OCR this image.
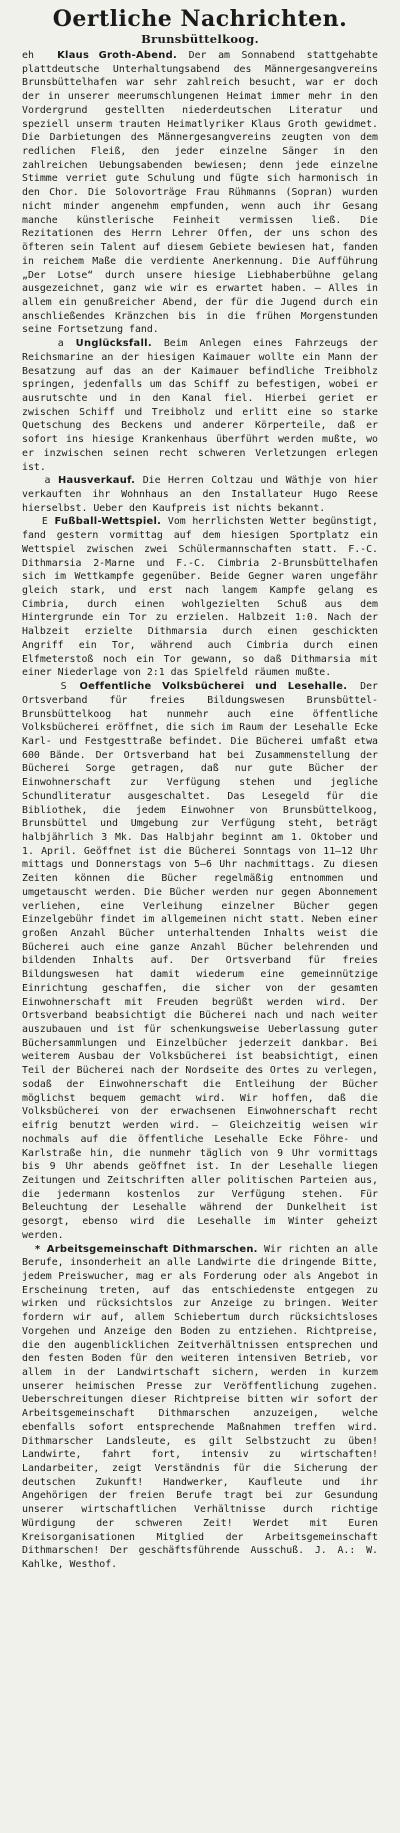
Oertliche Nachrichten.
Brunsbüttelkoog.

eh Klaus Groth-Abend. Der am Sonnabend stattgehabte plattdeutsche Unterhaltungsabend des Männergesangvereins Brunsbüttelhafen war sehr zahlreich besucht, war er doch der in unserer meerumschlungenen Heimat immer mehr in den Vordergrund gestellten niederdeutschen Literatur und speziell unserm trauten Heimatlyriker Klaus Groth gewidmet. Die Darbietungen des Männergesangvereins zeugten von dem redlichen Fleiß, den jeder einzelne Sänger in den zahlreichen Uebungsabenden bewiesen; denn jede einzelne Stimme verriet gute Schulung und fügte sich harmonisch in den Chor. Die Solovorträge Frau Rühmanns (Sopran) wurden nicht minder angenehm empfunden, wenn auch ihr Gesang manche künstlerische Feinheit vermissen ließ. Die Rezitationen des Herrn Lehrer Offen, der uns schon des öfteren sein Talent auf diesem Gebiete bewiesen hat, fanden in reichem Maße die verdiente Anerkennung. Die Aufführung „Der Lotse“ durch unsere hiesige Liebhaberbühne gelang ausgezeichnet, ganz wie wir es erwartet haben. — Alles in allem ein genußreicher Abend, der für die Jugend durch ein anschließendes Kränzchen bis in die frühen Morgenstunden seine Fortsetzung fand.

a Unglücksfall. Beim Anlegen eines Fahrzeugs der Reichsmarine an der hiesigen Kaimauer wollte ein Mann der Besatzung auf das an der Kaimauer befindliche Treibholz springen, jedenfalls um das Schiff zu befestigen, wobei er ausrutschte und in den Kanal fiel. Hierbei geriet er zwischen Schiff und Treibholz und erlitt eine so starke Quetschung des Beckens und anderer Körperteile, daß er sofort ins hiesige Krankenhaus überführt werden mußte, wo er inzwischen seinen recht schweren Verletzungen erlegen ist.

a Hausverkauf. Die Herren Coltzau und Wäthje von hier verkauften ihr Wohnhaus an den Installateur Hugo Reese hierselbst. Ueber den Kaufpreis ist nichts bekannt.

E Fußball-Wettspiel. Vom herrlichsten Wetter begünstigt, fand gestern vormittag auf dem hiesigen Sportplatz ein Wettspiel zwischen zwei Schülermannschaften statt. F.-C. Dithmarsia 2-Marne und F.-C. Cimbria 2-Brunsbüttelhafen sich im Wettkampfe gegenüber. Beide Gegner waren ungefähr gleich stark, und erst nach langem Kampfe gelang es Cimbria, durch einen wohlgezielten Schuß aus dem Hintergrunde ein Tor zu erzielen. Halbzeit 1:0. Nach der Halbzeit erzielte Dithmarsia durch einen geschickten Angriff ein Tor, während auch Cimbria durch einen Elfmeterstoß noch ein Tor gewann, so daß Dithmarsia mit einer Niederlage von 2:1 das Spielfeld räumen mußte.

S Oeffentliche Volksbücherei und Lesehalle. Der Ortsverband für freies Bildungswesen Brunsbüttel-Brunsbüttelkoog hat nunmehr auch eine öffentliche Volksbücherei eröffnet, die sich im Raum der Lesehalle Ecke Karl- und Festgesttraße befindet. Die Bücherei umfaßt etwa 600 Bände. Der Ortsverband hat bei Zusammenstellung der Bücherei Sorge getragen, daß nur gute Bücher der Einwohnerschaft zur Verfügung stehen und jegliche Schundliteratur ausgeschaltet. Das Lesegeld für die Bibliothek, die jedem Einwohner von Brunsbüttelkoog, Brunsbüttel und Umgebung zur Verfügung steht, beträgt halbjährlich 3 Mk. Das Halbjahr beginnt am 1. Oktober und 1. April. Geöffnet ist die Bücherei Sonntags von 11—12 Uhr mittags und Donnerstags von 5—6 Uhr nachmittags. Zu diesen Zeiten können die Bücher regelmäßig entnommen und umgetauscht werden. Die Bücher werden nur gegen Abonnement verliehen, eine Verleihung einzelner Bücher gegen Einzelgebühr findet im allgemeinen nicht statt. Neben einer großen Anzahl Bücher unterhaltenden Inhalts weist die Bücherei auch eine ganze Anzahl Bücher belehrenden und bildenden Inhalts auf. Der Ortsverband für freies Bildungswesen hat damit wiederum eine gemeinnützige Einrichtung geschaffen, die sicher von der gesamten Einwohnerschaft mit Freuden begrüßt werden wird. Der Ortsverband beabsichtigt die Bücherei nach und nach weiter auszubauen und ist für schenkungsweise Ueberlassung guter Büchersammlungen und Einzelbücher jederzeit dankbar. Bei weiterem Ausbau der Volksbücherei ist beabsichtigt, einen Teil der Bücherei nach der Nordseite des Ortes zu verlegen, sodaß der Einwohnerschaft die Entleihung der Bücher möglichst bequem gemacht wird. Wir hoffen, daß die Volksbücherei von der erwachsenen Einwohnerschaft recht eifrig benutzt werden wird. — Gleichzeitig weisen wir nochmals auf die öffentliche Lesehalle Ecke Föhre- und Karlstraße hin, die nunmehr täglich von 9 Uhr vormittags bis 9 Uhr abends geöffnet ist. In der Lesehalle liegen Zeitungen und Zeitschriften aller politischen Parteien aus, die jedermann kostenlos zur Verfügung stehen. Für Beleuchtung der Lesehalle während der Dunkelheit ist gesorgt, ebenso wird die Lesehalle im Winter geheizt werden.

* Arbeitsgemeinschaft Dithmarschen. Wir richten an alle Berufe, insonderheit an alle Landwirte die dringende Bitte, jedem Preiswucher, mag er als Forderung oder als Angebot in Erscheinung treten, auf das entschiedenste entgegen zu wirken und rücksichtslos zur Anzeige zu bringen. Weiter fordern wir auf, allem Schiebertum durch rücksichtsloses Vorgehen und Anzeige den Boden zu entziehen. Richtpreise, die den augenblicklichen Zeitverhältnissen entsprechen und den festen Boden für den weiteren intensiven Betrieb, vor allem in der Landwirtschaft sichern, werden in kurzem unserer heimischen Presse zur Veröffentlichung zugehen. Ueberschreitungen dieser Richtpreise bitten wir sofort der Arbeitsgemeinschaft Dithmarschen anzuzeigen, welche ebenfalls sofort entsprechende Maßnahmen treffen wird. Dithmarscher Landsleute, es gilt Selbstzucht zu üben! Landwirte, fahrt fort, intensiv zu wirtschaften! Landarbeiter, zeigt Verständnis für die Sicherung der deutschen Zukunft! Handwerker, Kaufleute und ihr Angehörigen der freien Berufe tragt bei zur Gesundung unserer wirtschaftlichen Verhältnisse durch richtige Würdigung der schweren Zeit! Werdet mit Euren Kreisorganisationen Mitglied der Arbeitsgemeinschaft Dithmarschen! Der geschäftsführende Ausschuß. J. A.: W. Kahlke, Westhof.
